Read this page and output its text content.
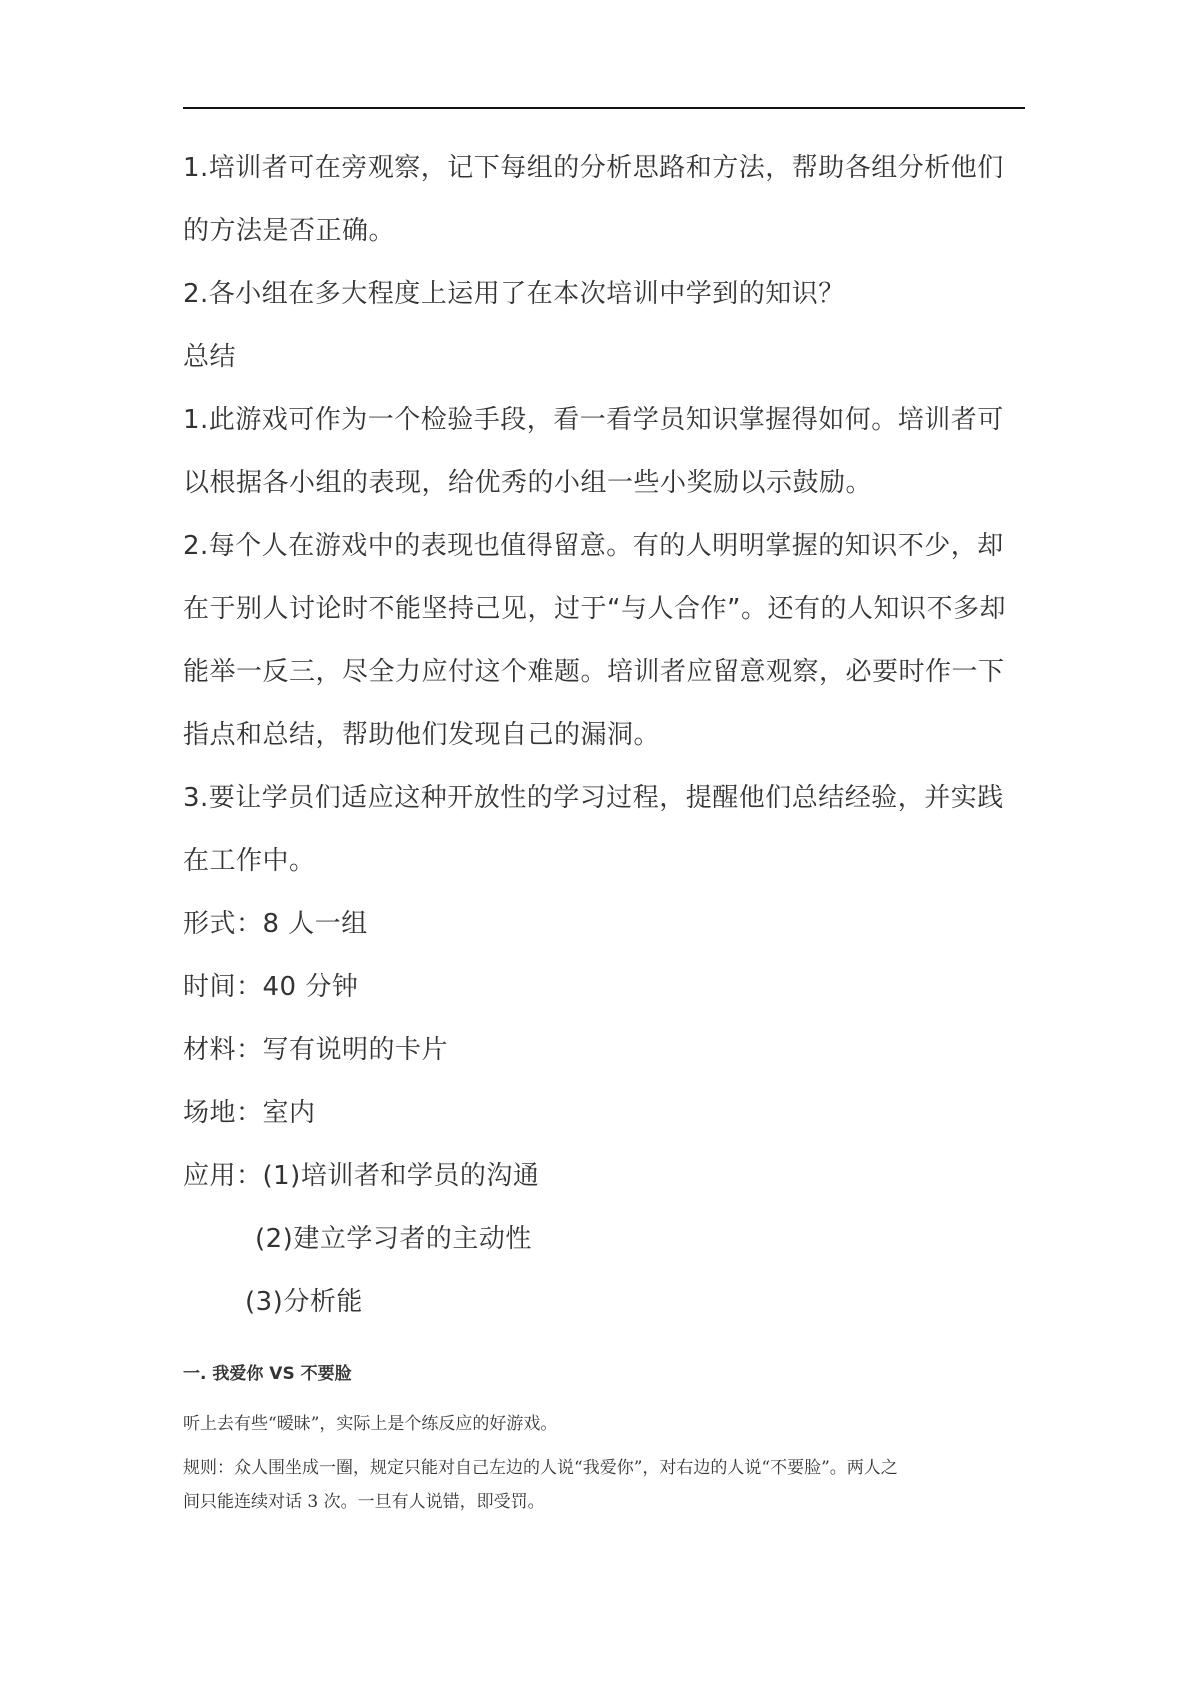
1.培训者可在旁观察，记下每组的分析思路和方法，帮助各组分析他们
的方法是否正确。
2.各小组在多大程度上运用了在本次培训中学到的知识？
总结
1.此游戏可作为一个检验手段，看一看学员知识掌握得如何。培训者可
以根据各小组的表现，给优秀的小组一些小奖励以示鼓励。
2.每个人在游戏中的表现也值得留意。有的人明明掌握的知识不少，却
在于别人讨论时不能坚持己见，过于“与人合作”。还有的人知识不多却
能举一反三，尽全力应付这个难题。培训者应留意观察，必要时作一下
指点和总结，帮助他们发现自己的漏洞。
3.要让学员们适应这种开放性的学习过程，提醒他们总结经验，并实践
在工作中。
形式：8 人一组
时间：40 分钟
材料：写有说明的卡片
场地：室内
应用：(1)培训者和学员的沟通
(2)建立学习者的主动性
(3)分析能
一. 我爱你 VS 不要脸
听上去有些“暧昧”，实际上是个练反应的好游戏。
规则：众人围坐成一圈，规定只能对自己左边的人说“我爱你”，对右边的人说“不要脸”。两人之
间只能连续对话 3 次。一旦有人说错，即受罚。
